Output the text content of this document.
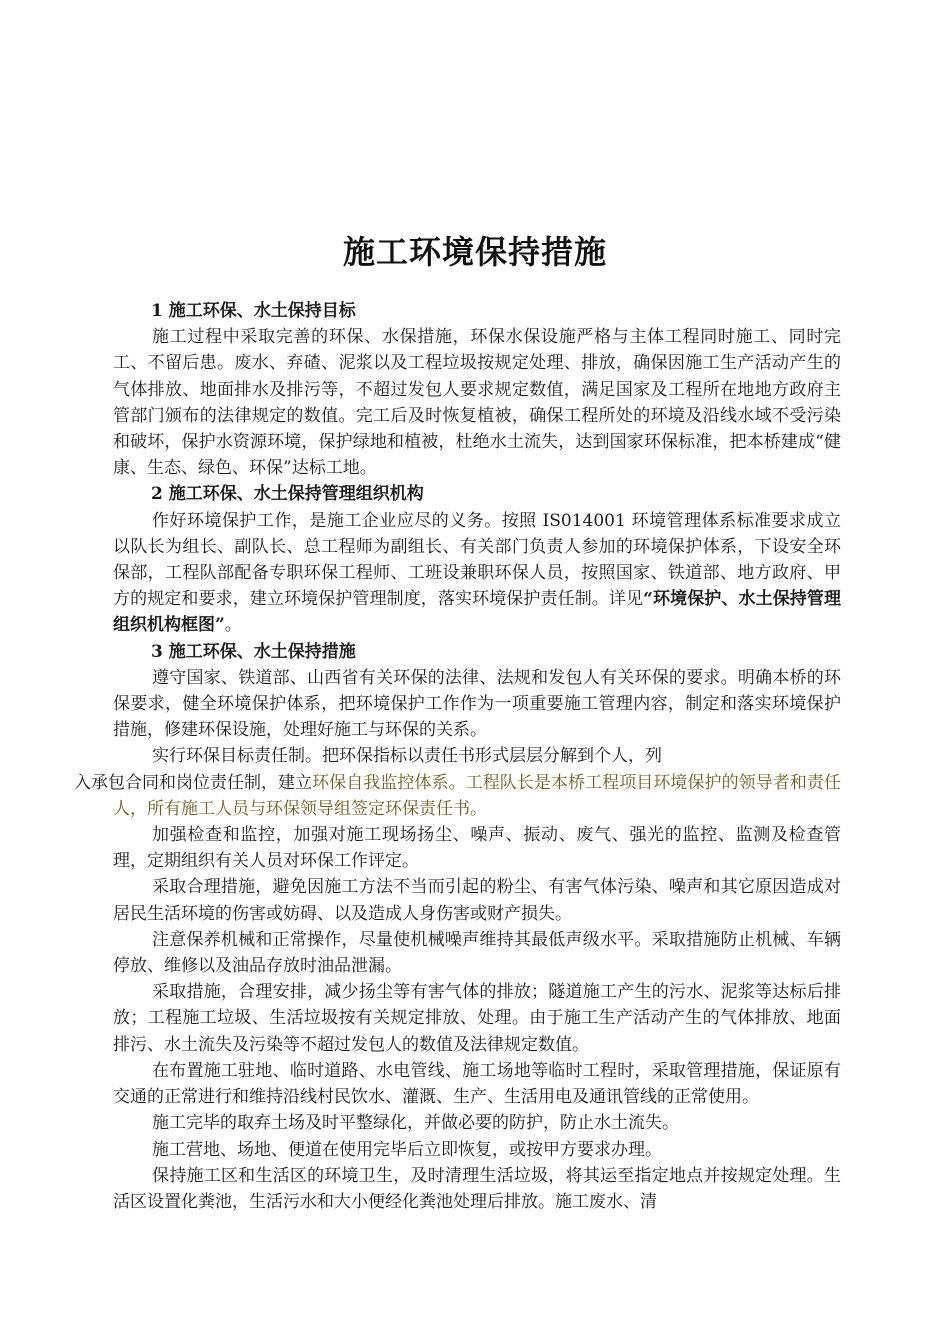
施工环境保持措施
1 施工环保、水土保持目标
施工过程中采取完善的环保、水保措施，环保水保设施严格与主体工程同时施工、同时完工、不留后患。废水、弃碴、泥浆以及工程垃圾按规定处理、排放，确保因施工生产活动产生的气体排放、地面排水及排污等，不超过发包人要求规定数值，满足国家及工程所在地地方政府主管部门颁布的法律规定的数值。完工后及时恢复植被，确保工程所处的环境及沿线水域不受污染和破坏，保护水资源环境，保护绿地和植被，杜绝水土流失，达到国家环保标准，把本桥建成“健康、生态、绿色、环保”达标工地。
2 施工环保、水土保持管理组织机构
作好环境保护工作，是施工企业应尽的义务。按照 IS014001 环境管理体系标准要求成立以队长为组长、副队长、总工程师为副组长、有关部门负责人参加的环境保护体系，下设安全环保部，工程队部配备专职环保工程师、工班设兼职环保人员，按照国家、铁道部、地方政府、甲方的规定和要求，建立环境保护管理制度，落实环境保护责任制。详见“环境保护、水土保持管理组织机构框图”。
3 施工环保、水土保持措施
遵守国家、铁道部、山西省有关环保的法律、法规和发包人有关环保的要求。明确本桥的环保要求，健全环境保护体系，把环境保护工作作为一项重要施工管理内容，制定和落实环境保护措施，修建环保设施，处理好施工与环保的关系。
实行环保目标责任制。把环保指标以责任书形式层层分解到个人，列
入承包合同和岗位责任制，建立环保自我监控体系。工程队长是本桥工程项目环境保护的领导者和责任人，所有施工人员与环保领导组签定环保责任书。
加强检查和监控，加强对施工现场扬尘、噪声、振动、废气、强光的监控、监测及检查管理，定期组织有关人员对环保工作评定。
采取合理措施，避免因施工方法不当而引起的粉尘、有害气体污染、噪声和其它原因造成对居民生活环境的伤害或妨碍、以及造成人身伤害或财产损失。
注意保养机械和正常操作，尽量使机械噪声维持其最低声级水平。采取措施防止机械、车辆停放、维修以及油品存放时油品泄漏。
采取措施，合理安排，减少扬尘等有害气体的排放；隧道施工产生的污水、泥浆等达标后排放；工程施工垃圾、生活垃圾按有关规定排放、处理。由于施工生产活动产生的气体排放、地面排污、水土流失及污染等不超过发包人的数值及法律规定数值。
在布置施工驻地、临时道路、水电管线、施工场地等临时工程时，采取管理措施，保证原有交通的正常进行和维持沿线村民饮水、灌溉、生产、生活用电及通讯管线的正常使用。
施工完毕的取弃土场及时平整绿化，并做必要的防护，防止水土流失。
施工营地、场地、便道在使用完毕后立即恢复，或按甲方要求办理。
保持施工区和生活区的环境卫生，及时清理生活垃圾，将其运至指定地点并按规定处理。生活区设置化粪池，生活污水和大小便经化粪池处理后排放。施工废水、清
